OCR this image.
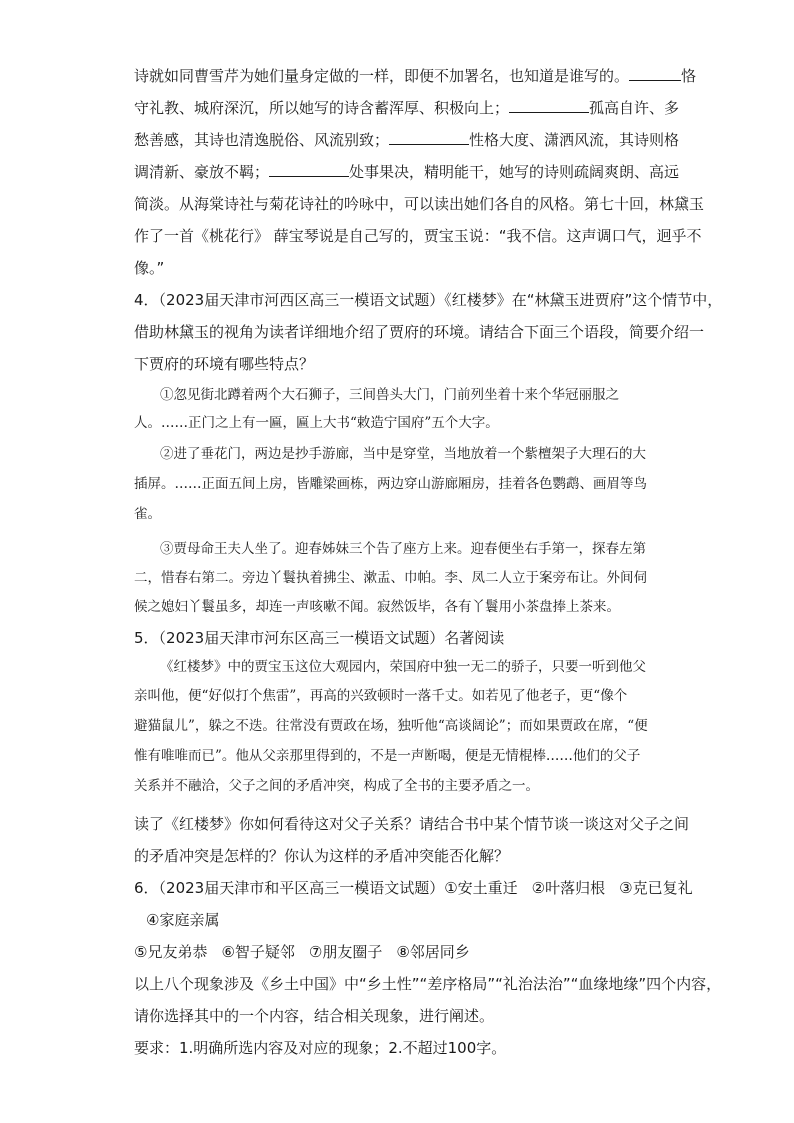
诗就如同曹雪芹为她们量身定做的一样，即便不加署名，也知道是谁写的。	恪
守礼教、城府深沉，所以她写的诗含蓄浑厚、积极向上；	孤高自许、多
愁善感，其诗也清逸脱俗、风流别致；	性格大度、潇洒风流，其诗则格
调清新、豪放不羁；	处事果决，精明能干，她写的诗则疏阔爽朗、高远
简淡。从海棠诗社与菊花诗社的吟咏中，可以读出她们各自的风格。第七十回，林黛玉
作了一首《桃花行》 薛宝琴说是自己写的，贾宝玉说：“我不信。这声调口气，迥乎不
像。”
4．（2023届天津市河西区高三一模语文试题）《红楼梦》在“林黛玉进贾府”这个情节中，
借助林黛玉的视角为读者详细地介绍了贾府的环境。请结合下面三个语段，简要介绍一
下贾府的环境有哪些特点？
①忽见街北蹲着两个大石狮子，三间兽头大门，门前列坐着十来个华冠丽服之
人。……正门之上有一匾，匾上大书“敕造宁国府”五个大字。
②进了垂花门，两边是抄手游廊，当中是穿堂，当地放着一个紫檀架子大理石的大
插屏。……正面五间上房，皆雕梁画栋，两边穿山游廊厢房，挂着各色鹦鹉、画眉等鸟
雀。
③贾母命王夫人坐了。迎春姊妹三个告了座方上来。迎春便坐右手第一，探春左第
二，惜春右第二。旁边丫鬟执着拂尘、漱盂、巾帕。李、凤二人立于案旁布让。外间伺
候之媳妇丫鬟虽多，却连一声咳嗽不闻。寂然饭毕，各有丫鬟用小茶盘捧上茶来。
5．（2023届天津市河东区高三一模语文试题）名著阅读
《红楼梦》中的贾宝玉这位大观园内，荣国府中独一无二的骄子，只要一听到他父
亲叫他，便“好似打个焦雷”，再高的兴致顿时一落千丈。如若见了他老子，更“像个
避猫鼠儿”，躲之不迭。往常没有贾政在场，独听他“高谈阔论”；而如果贾政在席，“便
惟有唯唯而已”。他从父亲那里得到的，不是一声断喝，便是无情棍棒……他们的父子
关系并不融洽，父子之间的矛盾冲突，构成了全书的主要矛盾之一。
读了《红楼梦》你如何看待这对父子关系？请结合书中某个情节谈一谈这对父子之间
的矛盾冲突是怎样的？你认为这样的矛盾冲突能否化解？
6．（2023届天津市和平区高三一模语文试题）①安土重迁 ②叶落归根 ③克已复礼
④家庭亲属
⑤兄友弟恭 ⑥智子疑邻 ⑦朋友圈子 ⑧邻居同乡
以上八个现象涉及《乡土中国》中“乡土性”“差序格局”“礼治法治”“血缘地缘”四个内容，
请你选择其中的一个内容，结合相关现象，进行阐述。
要求：1.明确所选内容及对应的现象；2.不超过100字。
